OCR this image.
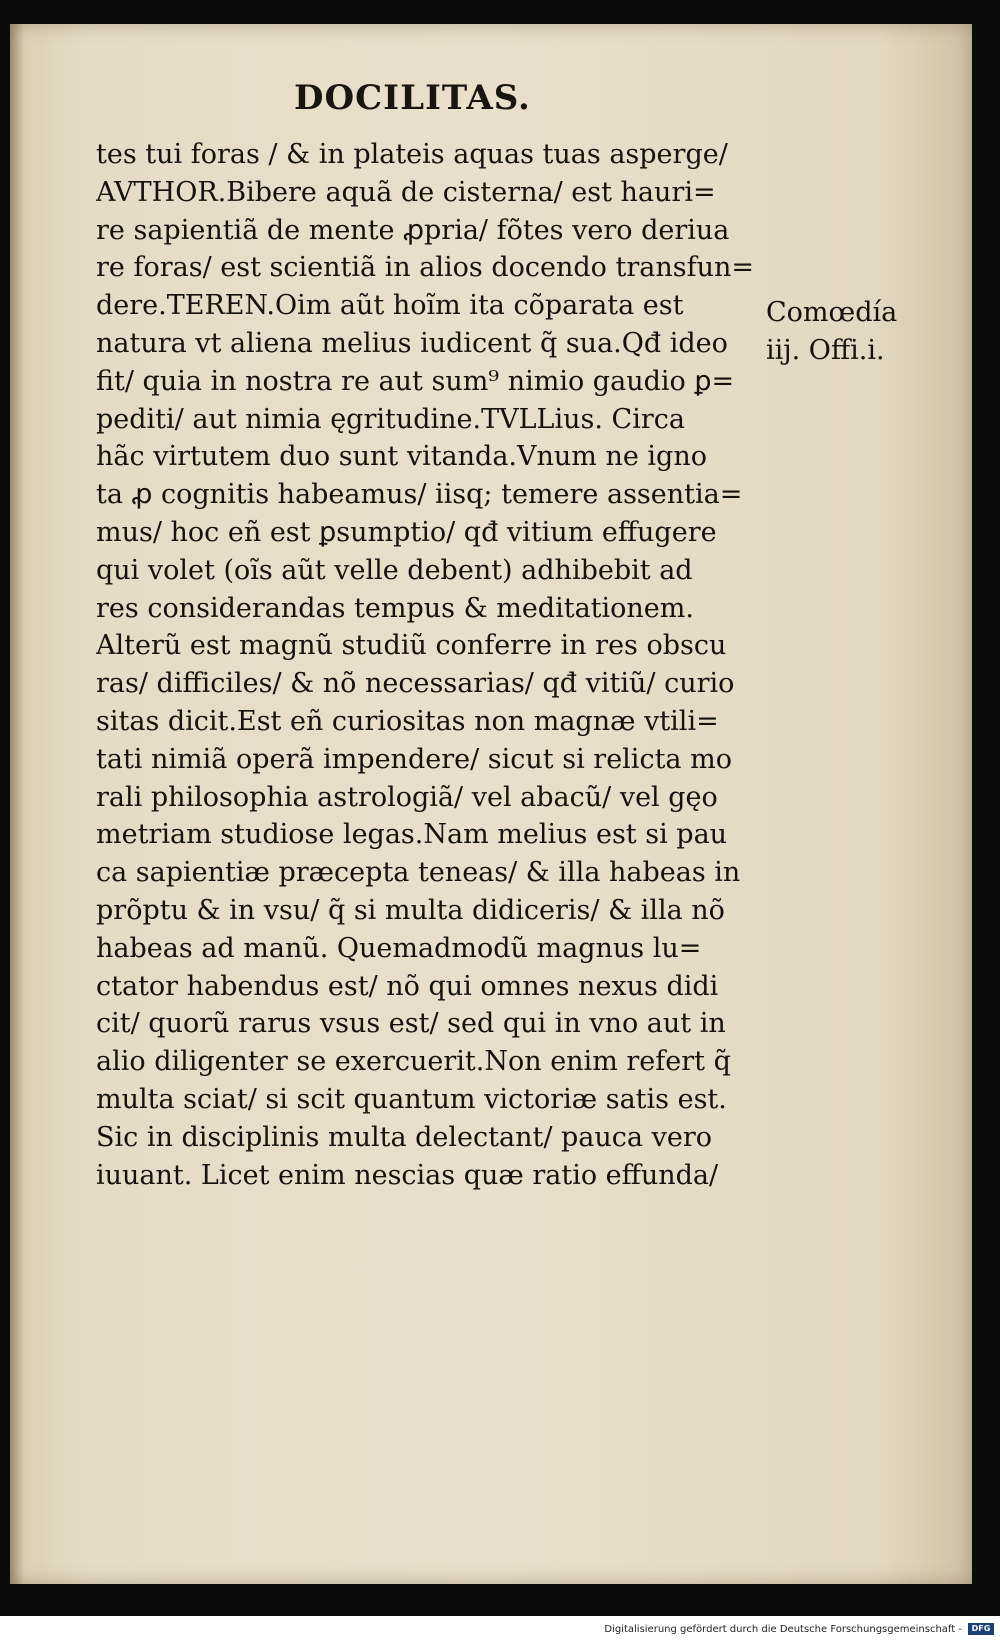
DOCILITAS.
tes tui foras / & in plateis aquas tuas asperge/
AVTHOR.Bibere aquã de cisterna/ est hauri=
re sapientiã de mente ꝓpria/ fõtes vero deriua
re foras/ est scientiã in alios docendo transfun=
dere.TEREN.Oim aũt hoĩm ita cõparata est
natura vt aliena melius iudicent q̃ sua.Qđ ideo
fit/ quia in nostra re aut sum⁹ nimio gaudio ꝑ=
pediti/ aut nimia ęgritudine.TVLLius. Circa
hãc virtutem duo sunt vitanda.Vnum ne igno
ta ꝓ cognitis habeamus/ iisq; temere assentia=
mus/ hoc eñ est ꝑsumptio/ qđ vitium effugere
qui volet (oĩs aũt velle debent) adhibebit ad
res considerandas tempus & meditationem.
Alterũ est magnũ studiũ conferre in res obscu
ras/ difficiles/ & nõ necessarias/ qđ vitiũ/ curio
sitas dicit.Est eñ curiositas non magnæ vtili=
tati nimiã operã impendere/ sicut si relicta mo
rali philosophia astrologiã/ vel abacũ/ vel gęo
metriam studiose legas.Nam melius est si pau
ca sapientiæ præcepta teneas/ & illa habeas in
prõptu & in vsu/ q̃ si multa didiceris/ & illa nõ
habeas ad manũ. Quemadmodũ magnus lu=
ctator habendus est/ nõ qui omnes nexus didi
cit/ quorũ rarus vsus est/ sed qui in vno aut in
alio diligenter se exercuerit.Non enim refert q̃
multa sciat/ si scit quantum victoriæ satis est.
Sic in disciplinis multa delectant/ pauca vero
iuuant. Licet enim nescias quæ ratio effunda/
Comœdía
iij. Offi.i.
Digitalisierung gefördert durch die Deutsche Forschungsgemeinschaft -	DFG
